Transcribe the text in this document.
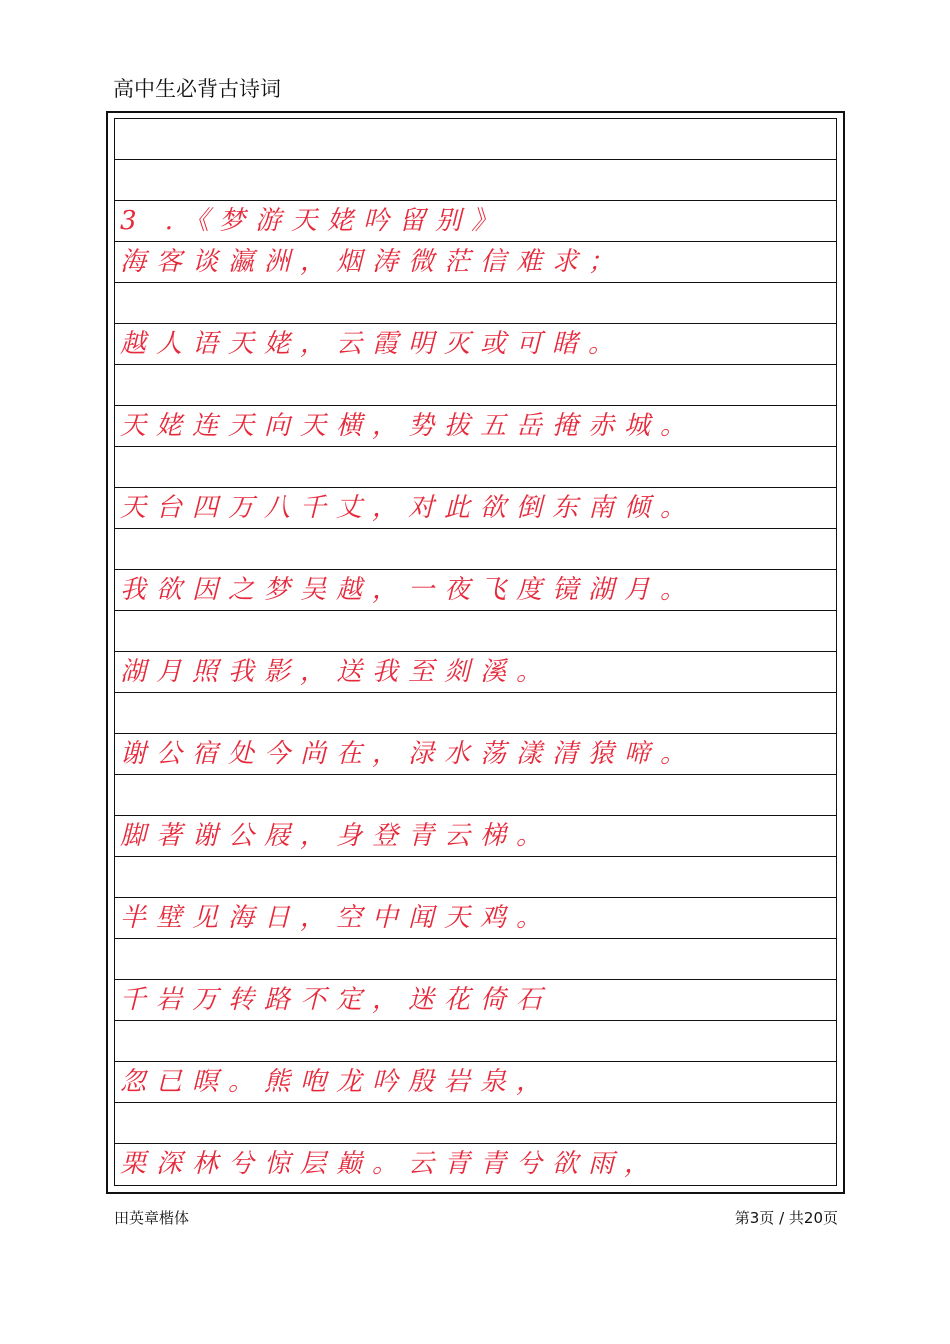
高中生必背古诗词
3 .《梦游天姥吟留别》
海客谈瀛洲，烟涛微茫信难求；
越人语天姥，云霞明灭或可睹。
天姥连天向天横，势拔五岳掩赤城。
天台四万八千丈，对此欲倒东南倾。
我欲因之梦吴越，一夜飞度镜湖月。
湖月照我影，送我至剡溪。
谢公宿处今尚在，渌水荡漾清猿啼。
脚著谢公屐，身登青云梯。
半壁见海日，空中闻天鸡。
千岩万转路不定，迷花倚石
忽已暝。熊咆龙吟殷岩泉，
栗深林兮惊层巅。云青青兮欲雨，
田英章楷体	第3页 / 共20页
